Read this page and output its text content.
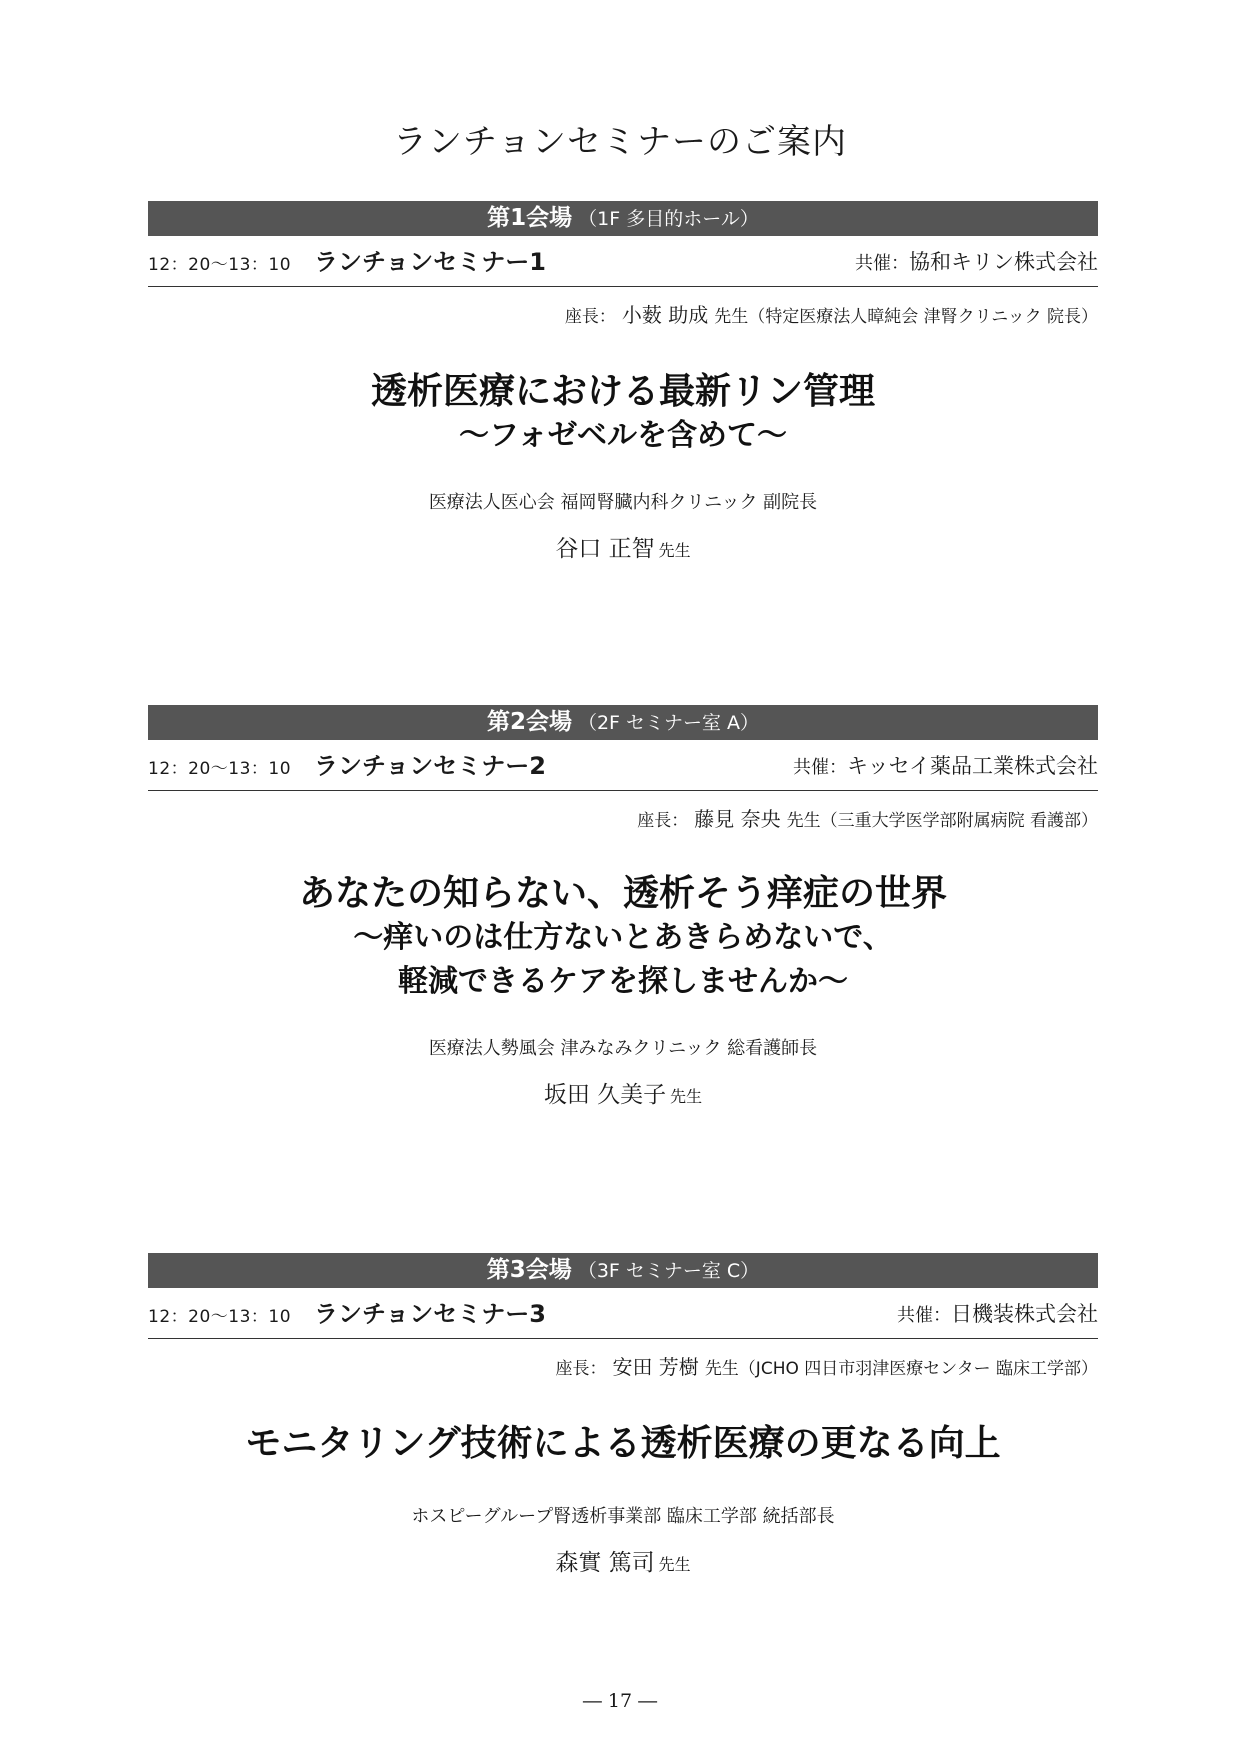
ランチョンセミナーのご案内
第1会場 （1F 多目的ホール）
12：20～13：10 ランチョンセミナー1	共催：協和キリン株式会社
座長： 小薮 助成 先生（特定医療法人暲純会 津腎クリニック 院長）
透析医療における最新リン管理
～フォゼベルを含めて～
医療法人医心会 福岡腎臓内科クリニック 副院長
谷口 正智 先生
第2会場 （2F セミナー室 A）
12：20～13：10 ランチョンセミナー2	共催：キッセイ薬品工業株式会社
座長： 藤見 奈央 先生（三重大学医学部附属病院 看護部）
あなたの知らない、透析そう痒症の世界
～痒いのは仕方ないとあきらめないで、
軽減できるケアを探しませんか～
医療法人勢風会 津みなみクリニック 総看護師長
坂田 久美子 先生
第3会場 （3F セミナー室 C）
12：20～13：10 ランチョンセミナー3	共催：日機装株式会社
座長： 安田 芳樹 先生（JCHO 四日市羽津医療センター 臨床工学部）
モニタリング技術による透析医療の更なる向上
ホスピーグループ腎透析事業部 臨床工学部 統括部長
森實 篤司 先生
― 17 ―
